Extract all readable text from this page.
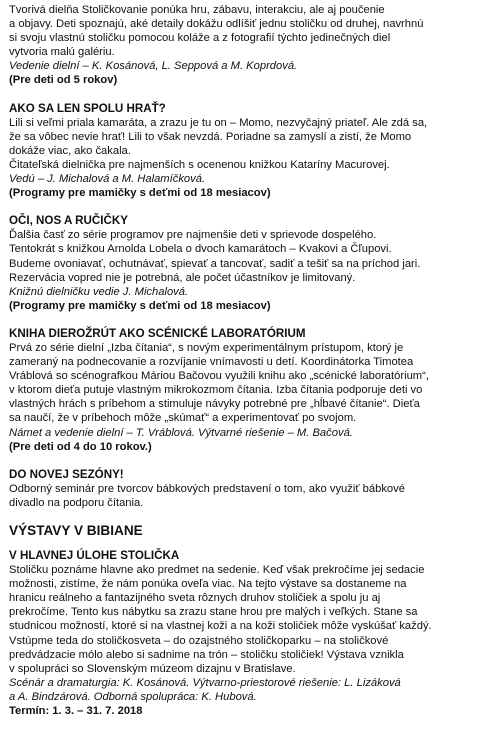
Tvorivá dielňa Stoličkovanie ponúka hru, zábavu, interakciu, ale aj poučenie

a objavy. Deti spoznajú, aké detaily dokážu odlíšiť jednu stoličku od druhej, navrhnú

si svoju vlastnú stoličku pomocou koláže a z fotografií týchto jedinečných diel

vytvoria malú galériu.

Vedenie dielní – K. Kosánová, L. Seppová a M. Koprdová.

(Pre deti od 5 rokov)

AKO SA LEN SPOLU HRAŤ?

Lili si veľmi priala kamaráta, a zrazu je tu on – Momo, nezvyčajný priateľ. Ale zdá sa,

že sa vôbec nevie hrať! Lili to však nevzdá. Poriadne sa zamyslí a zistí, že Momo

dokáže viac, ako čakala.

Čitateľská dielnička pre najmenších s ocenenou knižkou Kataríny Macurovej.

Vedú – J. Michalová a M. Halamíčková.

(Programy pre mamičky s deťmi od 18 mesiacov)

OČI, NOS A RUČIČKY

Ďalšia časť zo série programov pre najmenšie deti v sprievode dospelého.

Tentokrát s knižkou Arnolda Lobela o dvoch kamarátoch – Kvakovi a Čľupovi.

Budeme ovoniavať, ochutnávať, spievať a tancovať, sadiť a tešiť sa na príchod jari.

Rezervácia vopred nie je potrebná, ale počet účastníkov je limitovaný.

Knižnú dielničku vedie J. Michalová.

(Programy pre mamičky s deťmi od 18 mesiacov)

KNIHA DIEROŽRÚT AKO SCÉNICKÉ LABORATÓRIUM

Prvá zo série dielní „Izba čítania“, s novým experimentálnym prístupom, ktorý je

zameraný na podnecovanie a rozvíjanie vnímavosti u detí. Koordinátorka Timotea

Vráblová so scénografkou Máriou Bačovou využili knihu ako „scénické laboratórium“,

v ktorom dieťa putuje vlastným mikrokozmom čítania. Izba čítania podporuje deti vo

vlastných hrách s príbehom a stimuluje návyky potrebné pre „hĺbavé čítanie“. Dieťa

sa naučí, že v príbehoch môže „skúmať“ a experimentovať po svojom.

Námet a vedenie dielní – T. Vráblová. Výtvarné riešenie – M. Bačová.

(Pre deti od 4 do 10 rokov.)

DO NOVEJ SEZÓNY!

Odborný seminár pre tvorcov bábkových predstavení o tom, ako využiť bábkové

divadlo na podporu čítania.

VÝSTAVY V BIBIANE

V HLAVNEJ ÚLOHE STOLIČKA

Stoličku poznáme hlavne ako predmet na sedenie. Keď však prekročíme jej sedacie

možnosti, zistíme, že nám ponúka oveľa viac. Na tejto výstave sa dostaneme na

hranicu reálneho a fantazijného sveta rôznych druhov stoličiek a spolu ju aj

prekročíme. Tento kus nábytku sa zrazu stane hrou pre malých i veľkých. Stane sa

studnicou možností, ktoré si na vlastnej koži a na koži stoličiek môže vyskúšať každý.

Vstúpme teda do stoličkosveta – do ozajstného stoličkoparku – na stoličkové

predvádzacie mólo alebo si sadnime na trón – stoličku stoličiek! Výstava vznikla

v spolupráci so Slovenským múzeom dizajnu v Bratislave.

Scénár a dramaturgia: K. Kosánová. Výtvarno-priestorové riešenie: L. Lizáková

a A. Bindzárová. Odborná spolupráca: K. Hubová.

Termín: 1. 3. – 31. 7. 2018
